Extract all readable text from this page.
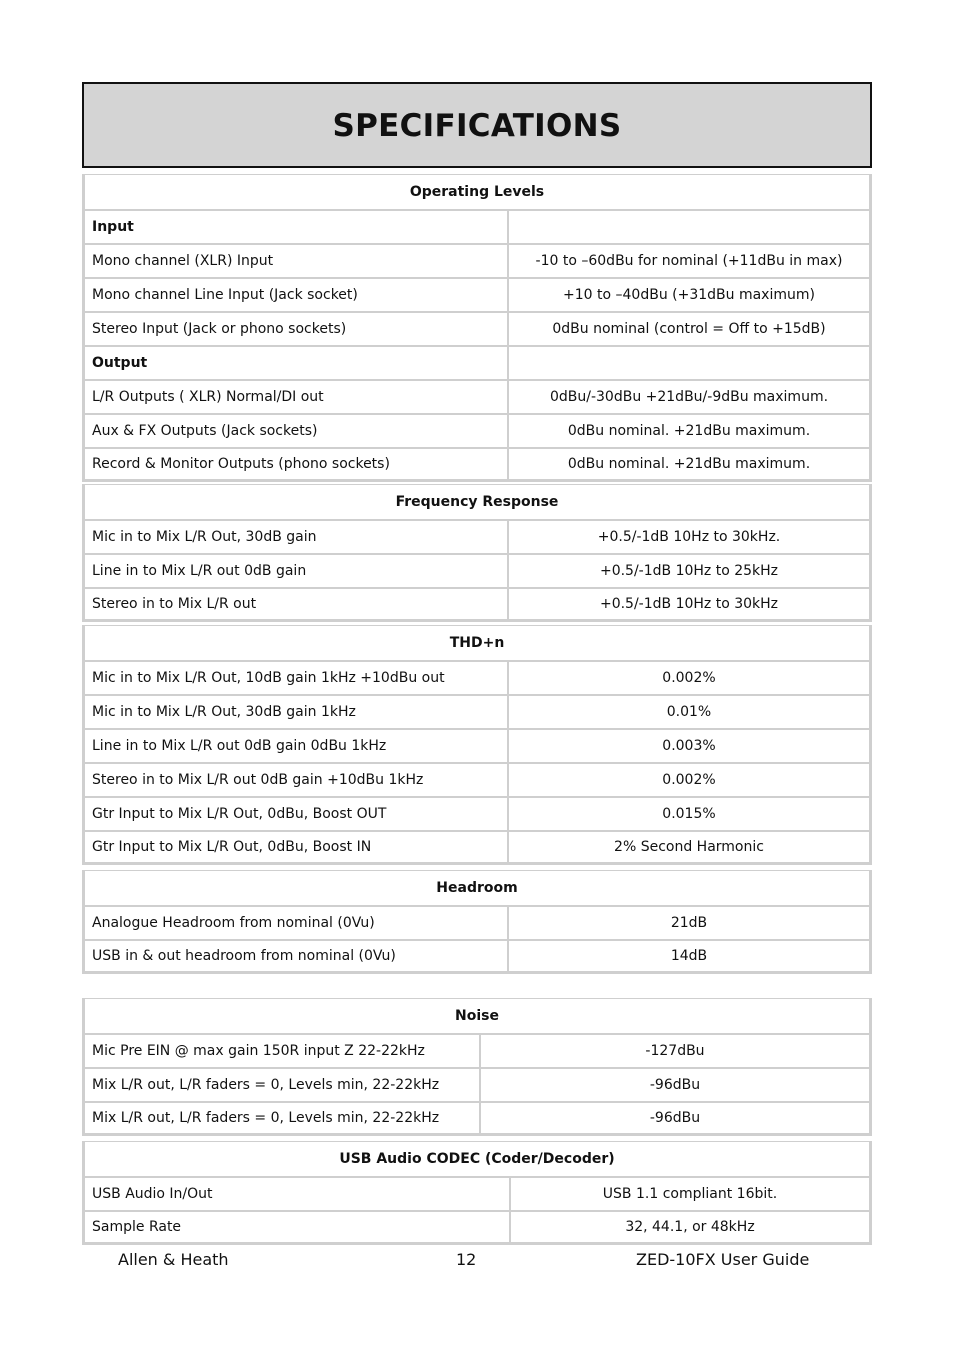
SPECIFICATIONS
Operating Levels
Input
Mono channel (XLR) Input	-10 to –60dBu for nominal (+11dBu in max)
Mono channel Line Input (Jack socket)	+10 to –40dBu (+31dBu maximum)
Stereo Input (Jack or phono sockets)	0dBu nominal (control = Off to +15dB)
Output
L/R Outputs ( XLR) Normal/DI out	0dBu/-30dBu +21dBu/-9dBu maximum.
Aux & FX Outputs (Jack sockets)	0dBu nominal. +21dBu maximum.
Record & Monitor Outputs (phono sockets)	0dBu nominal. +21dBu maximum.
Frequency Response
Mic in to Mix L/R Out, 30dB gain	+0.5/-1dB 10Hz to 30kHz.
Line in to Mix L/R out 0dB gain	+0.5/-1dB 10Hz to 25kHz
Stereo in to Mix L/R out	+0.5/-1dB 10Hz to 30kHz
THD+n
Mic in to Mix L/R Out, 10dB gain 1kHz +10dBu out	0.002%
Mic in to Mix L/R Out, 30dB gain 1kHz	0.01%
Line in to Mix L/R out 0dB gain 0dBu 1kHz	0.003%
Stereo in to Mix L/R out 0dB gain +10dBu 1kHz	0.002%
Gtr Input to Mix L/R Out, 0dBu, Boost OUT	0.015%
Gtr Input to Mix L/R Out, 0dBu, Boost IN	2% Second Harmonic
Headroom
Analogue Headroom from nominal (0Vu)	21dB
USB in & out headroom from nominal (0Vu)	14dB
Noise
Mic Pre EIN @ max gain 150R input Z 22-22kHz	-127dBu
Mix L/R out, L/R faders = 0, Levels min, 22-22kHz	-96dBu
Mix L/R out, L/R faders = 0, Levels min, 22-22kHz	-96dBu
USB Audio CODEC (Coder/Decoder)
USB Audio In/Out	USB 1.1 compliant 16bit.
Sample Rate	32, 44.1, or 48kHz
Allen & Heath	12	ZED-10FX User Guide
